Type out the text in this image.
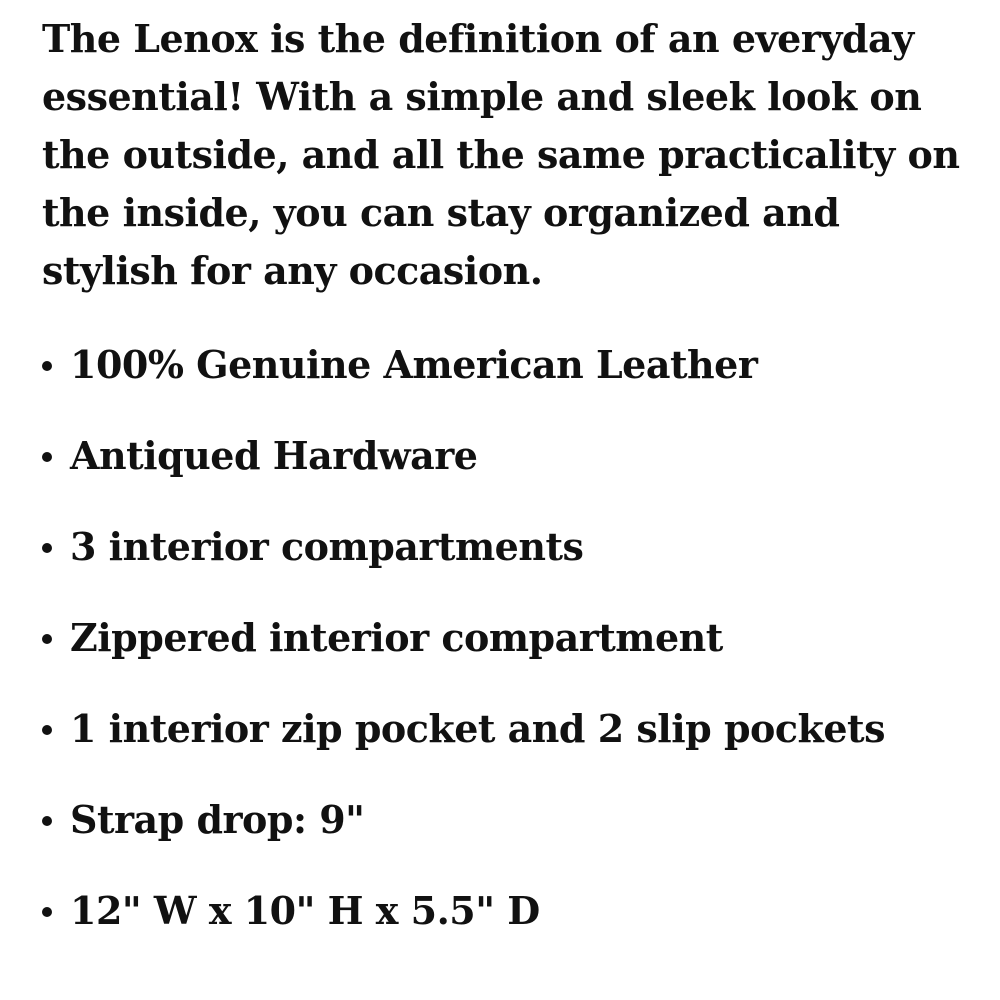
The Lenox is the definition of an everyday essential! With a simple and sleek look on the outside, and all the same practicality on the inside, you can stay organized and stylish for any occasion.

100% Genuine American Leather
Antiqued Hardware
3 interior compartments
Zippered interior compartment
1 interior zip pocket and 2 slip pockets
Strap drop: 9"
12" W x 10" H x 5.5" D
